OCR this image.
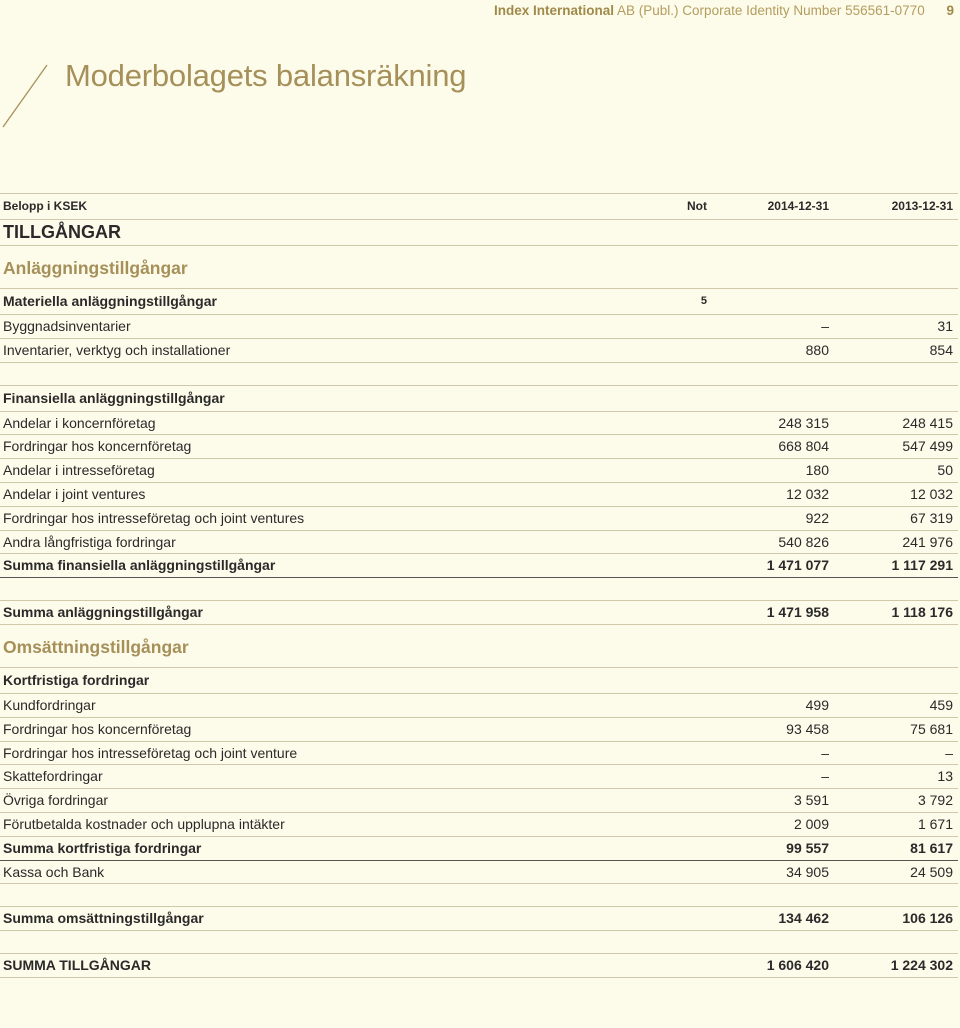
Index International AB (Publ.) Corporate Identity Number 556561-0770 9
Moderbolagets balansräkning
Belopp i KSEK	Not	2014-12-31	2013-12-31
TILLGÅNGAR			
Anläggningstillgångar			
Materiella anläggningstillgångar	5		
Byggnadsinventarier		–	31
Inventarier, verktyg och installationer		880	854

Finansiella anläggningstillgångar			
Andelar i koncernföretag		248 315	248 415
Fordringar hos koncernföretag		668 804	547 499
Andelar i intresseföretag		180	50
Andelar i joint ventures		12 032	12 032
Fordringar hos intresseföretag och joint ventures		922	67 319
Andra långfristiga fordringar		540 826	241 976
Summa finansiella anläggningstillgångar		1 471 077	1 117 291

Summa anläggningstillgångar		1 471 958	1 118 176
Omsättningstillgångar			
Kortfristiga fordringar			
Kundfordringar		499	459
Fordringar hos koncernföretag		93 458	75 681
Fordringar hos intresseföretag och joint venture		–	–
Skattefordringar		–	13
Övriga fordringar		3 591	3 792
Förutbetalda kostnader och upplupna intäkter		2 009	1 671
Summa kortfristiga fordringar		99 557	81 617
Kassa och Bank		34 905	24 509

Summa omsättningstillgångar		134 462	106 126

SUMMA TILLGÅNGAR		1 606 420	1 224 302
